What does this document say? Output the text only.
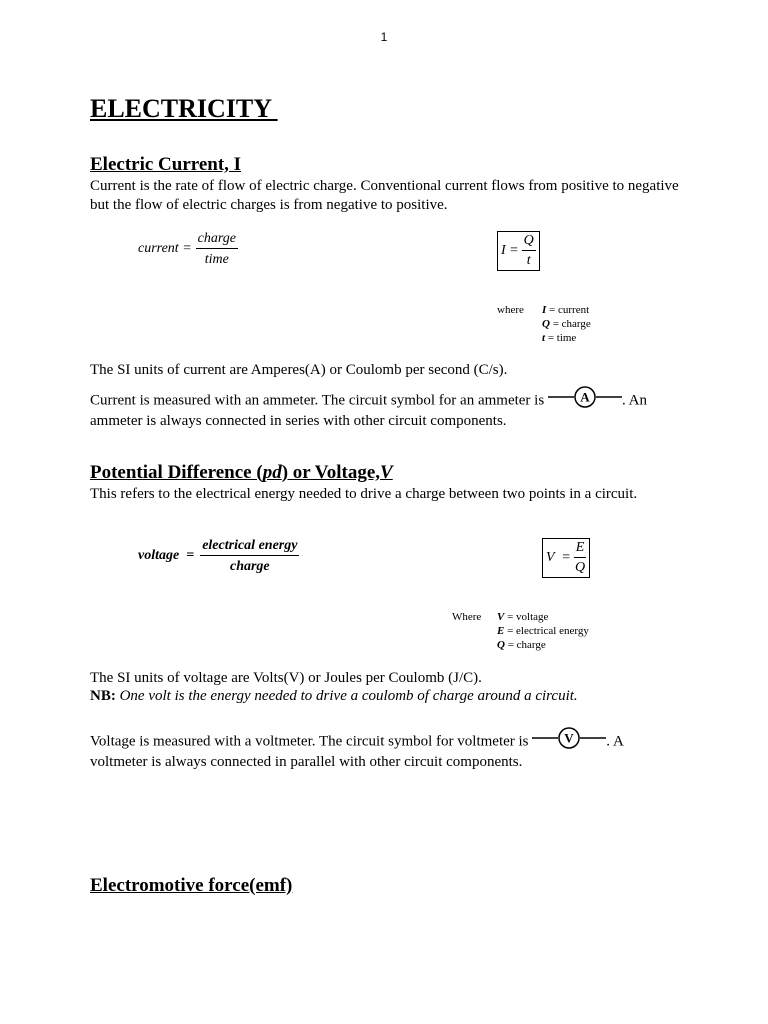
1
ELECTRICITY
Electric Current, I
Current is the rate of flow of electric charge. Conventional current flows from positive to negative but the flow of electric charges is from negative to positive.
current = $\frac{\text{charge}}{\text{time}}$	$I = \frac{Q}{t}$
where I = current
Q = charge
t = time
The SI units of current are Amperes(A) or Coulomb per second (C/s).
Current is measured with an ammeter. The circuit symbol for an ammeter is A . An ammeter is always connected in series with other circuit components.
Potential Difference (pd) or Voltage,V
This refers to the electrical energy needed to drive a charge between two points in a circuit.
voltage  = $\frac{\text{electrical energy}}{\text{charge}}$	$V = \frac{E}{Q}$
Where V = voltage
E = electrical energy
Q = charge
The SI units of voltage are Volts(V) or Joules per Coulomb (J/C).
NB: One volt is the energy needed to drive a coulomb of charge around a circuit.
Voltage is measured with a voltmeter. The circuit symbol for voltmeter is V . A voltmeter is always connected in parallel with other circuit components.
Electromotive force(emf)
